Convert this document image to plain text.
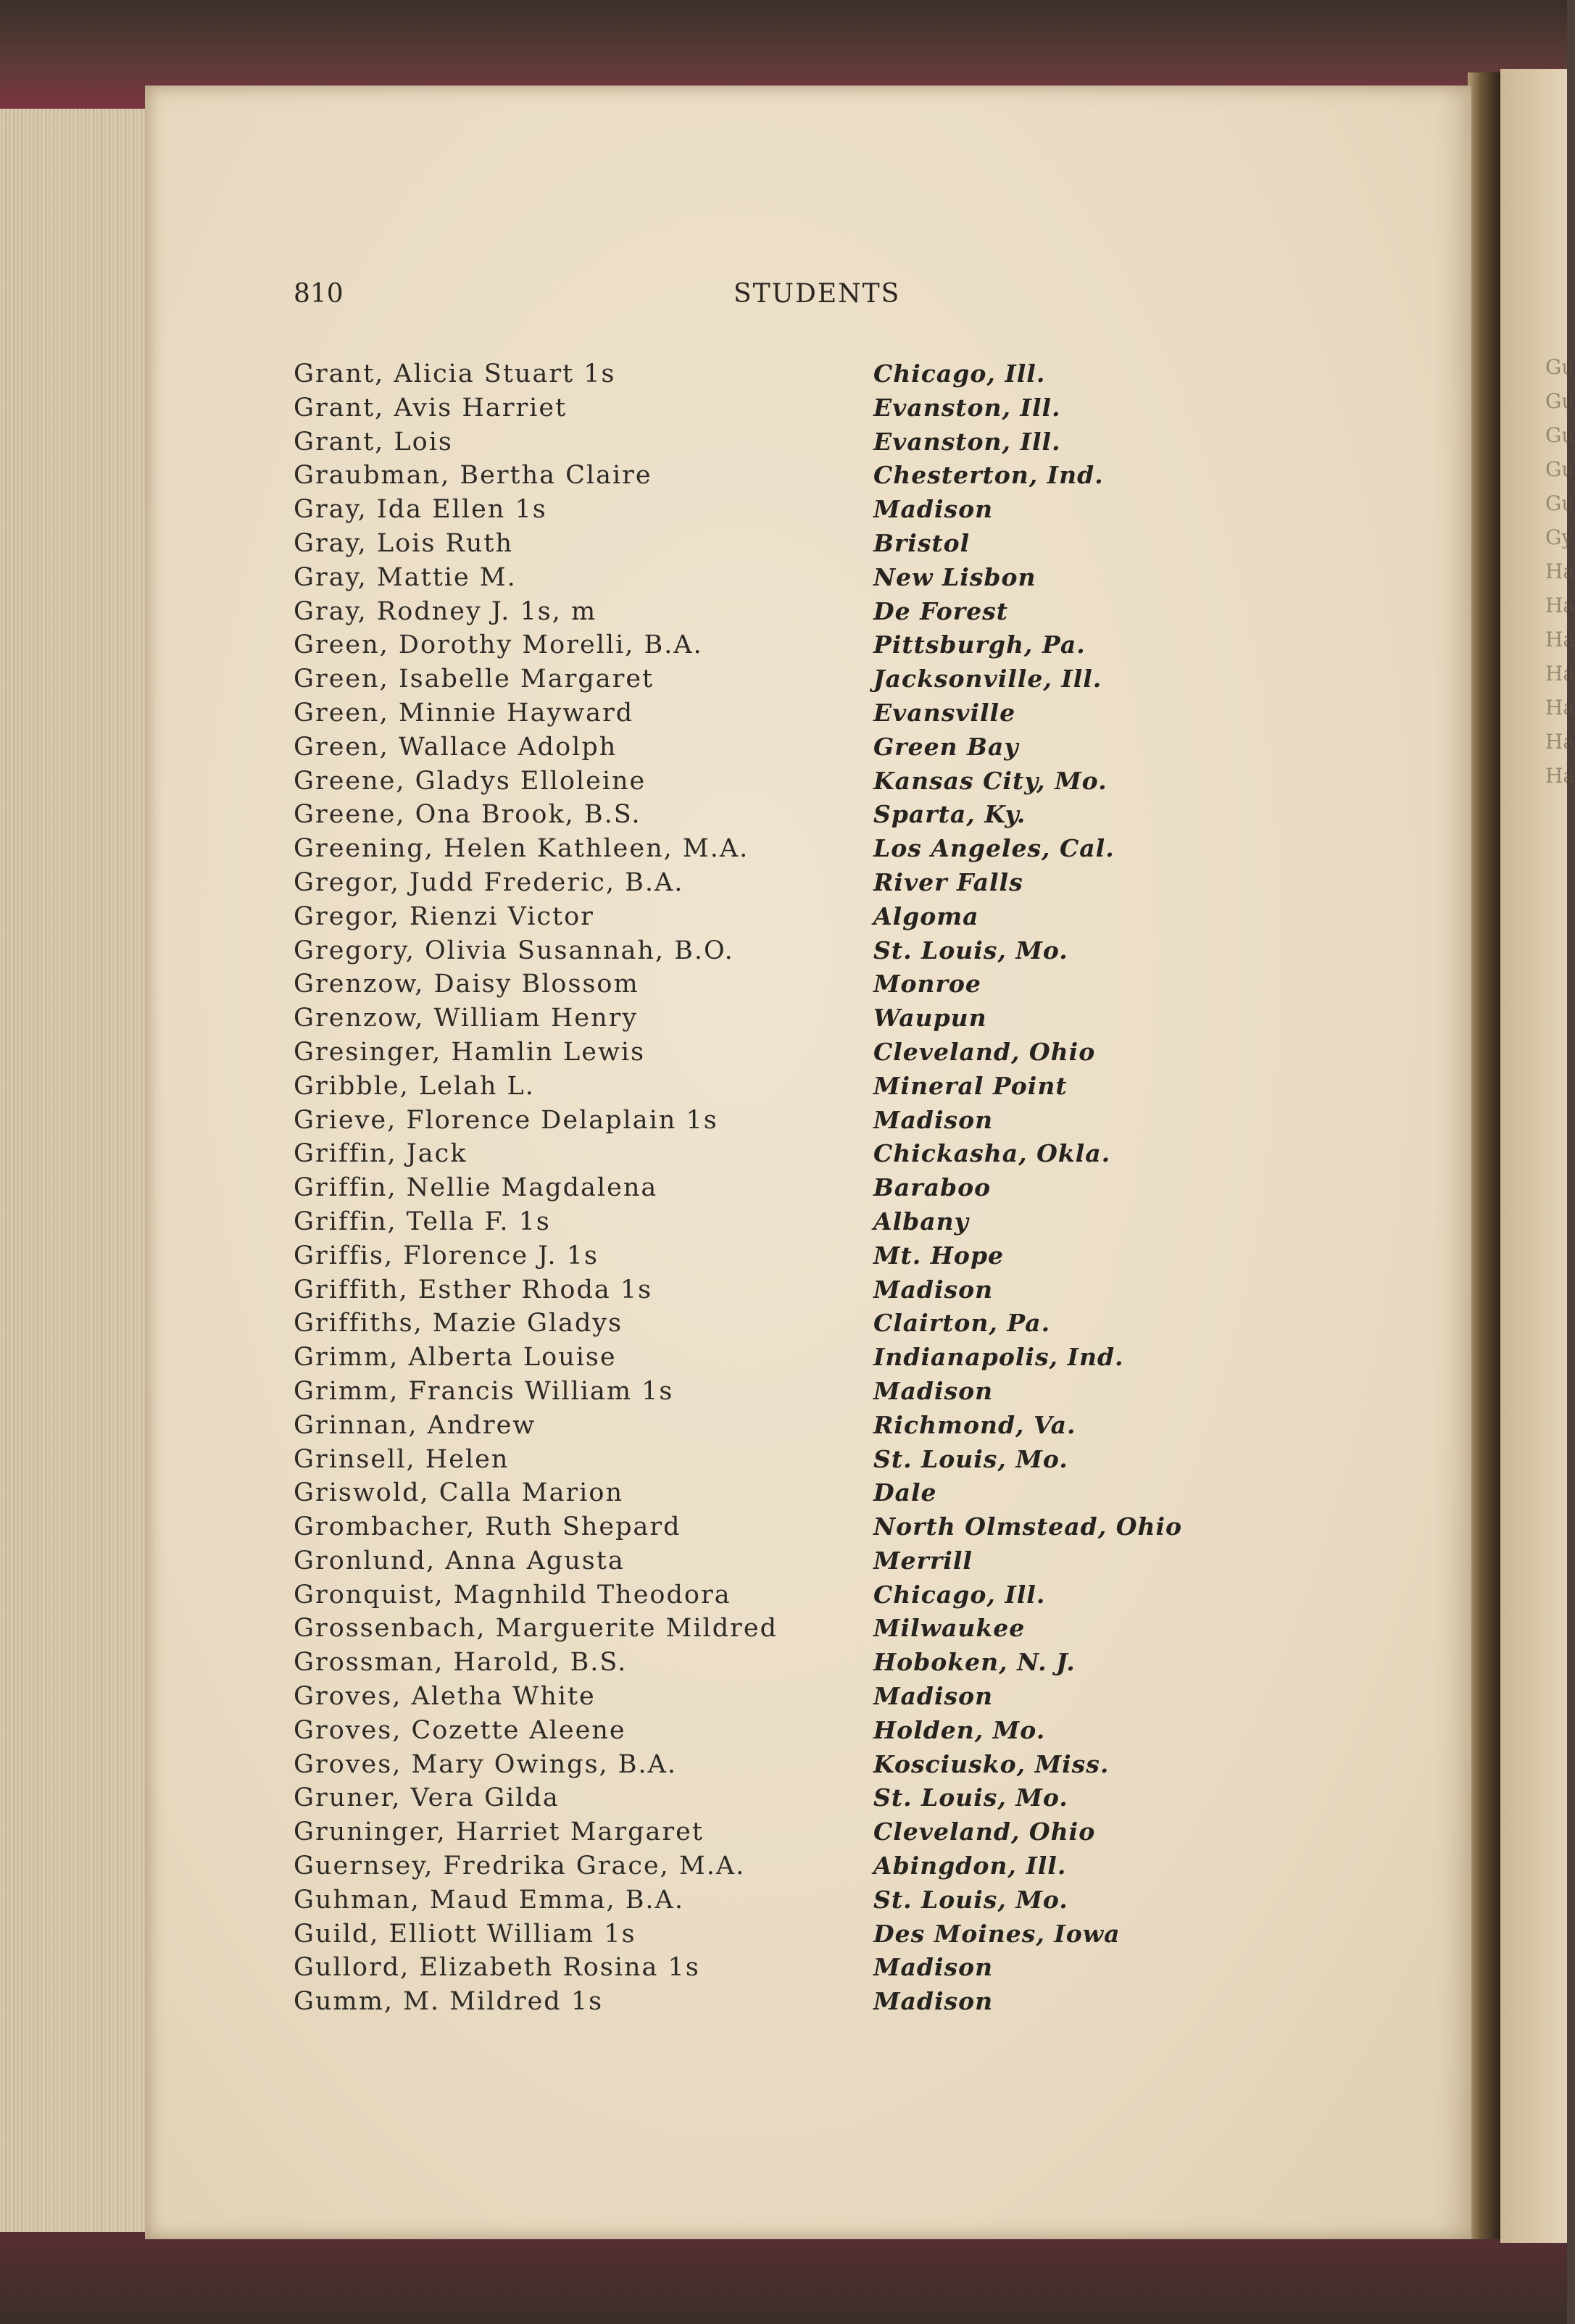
Gu
Gu
Gu
Gu
Gu
Gy
Ha
Ha
Ha
Ha
Ha
Ha
Ha
810	STUDENTS
Grant, Alicia Stuart 1s	Chicago, Ill.
Grant, Avis Harriet	Evanston, Ill.
Grant, Lois	Evanston, Ill.
Graubman, Bertha Claire	Chesterton, Ind.
Gray, Ida Ellen 1s	Madison
Gray, Lois Ruth	Bristol
Gray, Mattie M.	New Lisbon
Gray, Rodney J. 1s, m	De Forest
Green, Dorothy Morelli, B.A.	Pittsburgh, Pa.
Green, Isabelle Margaret	Jacksonville, Ill.
Green, Minnie Hayward	Evansville
Green, Wallace Adolph	Green Bay
Greene, Gladys Elloleine	Kansas City, Mo.
Greene, Ona Brook, B.S.	Sparta, Ky.
Greening, Helen Kathleen, M.A.	Los Angeles, Cal.
Gregor, Judd Frederic, B.A.	River Falls
Gregor, Rienzi Victor	Algoma
Gregory, Olivia Susannah, B.O.	St. Louis, Mo.
Grenzow, Daisy Blossom	Monroe
Grenzow, William Henry	Waupun
Gresinger, Hamlin Lewis	Cleveland, Ohio
Gribble, Lelah L.	Mineral Point
Grieve, Florence Delaplain 1s	Madison
Griffin, Jack	Chickasha, Okla.
Griffin, Nellie Magdalena	Baraboo
Griffin, Tella F. 1s	Albany
Griffis, Florence J. 1s	Mt. Hope
Griffith, Esther Rhoda 1s	Madison
Griffiths, Mazie Gladys	Clairton, Pa.
Grimm, Alberta Louise	Indianapolis, Ind.
Grimm, Francis William 1s	Madison
Grinnan, Andrew	Richmond, Va.
Grinsell, Helen	St. Louis, Mo.
Griswold, Calla Marion	Dale
Grombacher, Ruth Shepard	North Olmstead, Ohio
Gronlund, Anna Agusta	Merrill
Gronquist, Magnhild Theodora	Chicago, Ill.
Grossenbach, Marguerite Mildred	Milwaukee
Grossman, Harold, B.S.	Hoboken, N. J.
Groves, Aletha White	Madison
Groves, Cozette Aleene	Holden, Mo.
Groves, Mary Owings, B.A.	Kosciusko, Miss.
Gruner, Vera Gilda	St. Louis, Mo.
Gruninger, Harriet Margaret	Cleveland, Ohio
Guernsey, Fredrika Grace, M.A.	Abingdon, Ill.
Guhman, Maud Emma, B.A.	St. Louis, Mo.
Guild, Elliott William 1s	Des Moines, Iowa
Gullord, Elizabeth Rosina 1s	Madison
Gumm, M. Mildred 1s	Madison
